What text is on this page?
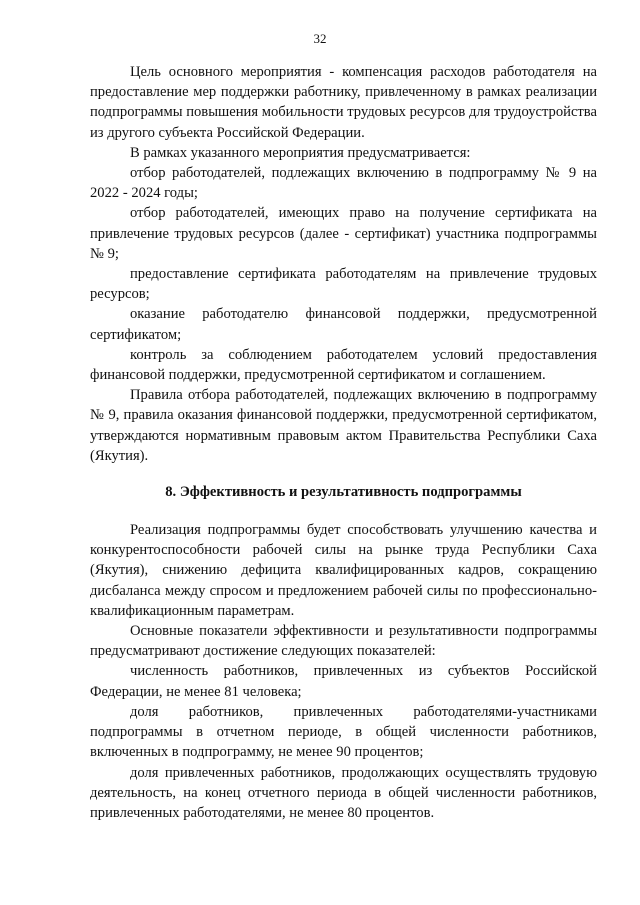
32

Цель основного мероприятия - компенсация расходов работодателя на предоставление мер поддержки работнику, привлеченному в рамках реализации подпрограммы повышения мобильности трудовых ресурсов для трудоустройства из другого субъекта Российской Федерации.

В рамках указанного мероприятия предусматривается:

отбор работодателей, подлежащих включению в подпрограмму № 9 на 2022 - 2024 годы;

отбор работодателей, имеющих право на получение сертификата на привлечение трудовых ресурсов (далее - сертификат) участника подпрограммы № 9;

предоставление сертификата работодателям на привлечение трудовых ресурсов;

оказание работодателю финансовой поддержки, предусмотренной сертификатом;

контроль за соблюдением работодателем условий предоставления финансовой поддержки, предусмотренной сертификатом и соглашением.

Правила отбора работодателей, подлежащих включению в подпрограмму № 9, правила оказания финансовой поддержки, предусмотренной сертификатом, утверждаются нормативным правовым актом Правительства Республики Саха (Якутия).

8. Эффективность и результативность подпрограммы

Реализация подпрограммы будет способствовать улучшению качества и конкурентоспособности рабочей силы на рынке труда Республики Саха (Якутия), снижению дефицита квалифицированных кадров, сокращению дисбаланса между спросом и предложением рабочей силы по профессионально-квалификационным параметрам.

Основные показатели эффективности и результативности подпрограммы предусматривают достижение следующих показателей:

численность работников, привлеченных из субъектов Российской Федерации, не менее 81 человека;

доля работников, привлеченных работодателями-участниками подпрограммы в отчетном периоде, в общей численности работников, включенных в подпрограмму, не менее 90 процентов;

доля привлеченных работников, продолжающих осуществлять трудовую деятельность, на конец отчетного периода в общей численности работников, привлеченных работодателями, не менее 80 процентов.
